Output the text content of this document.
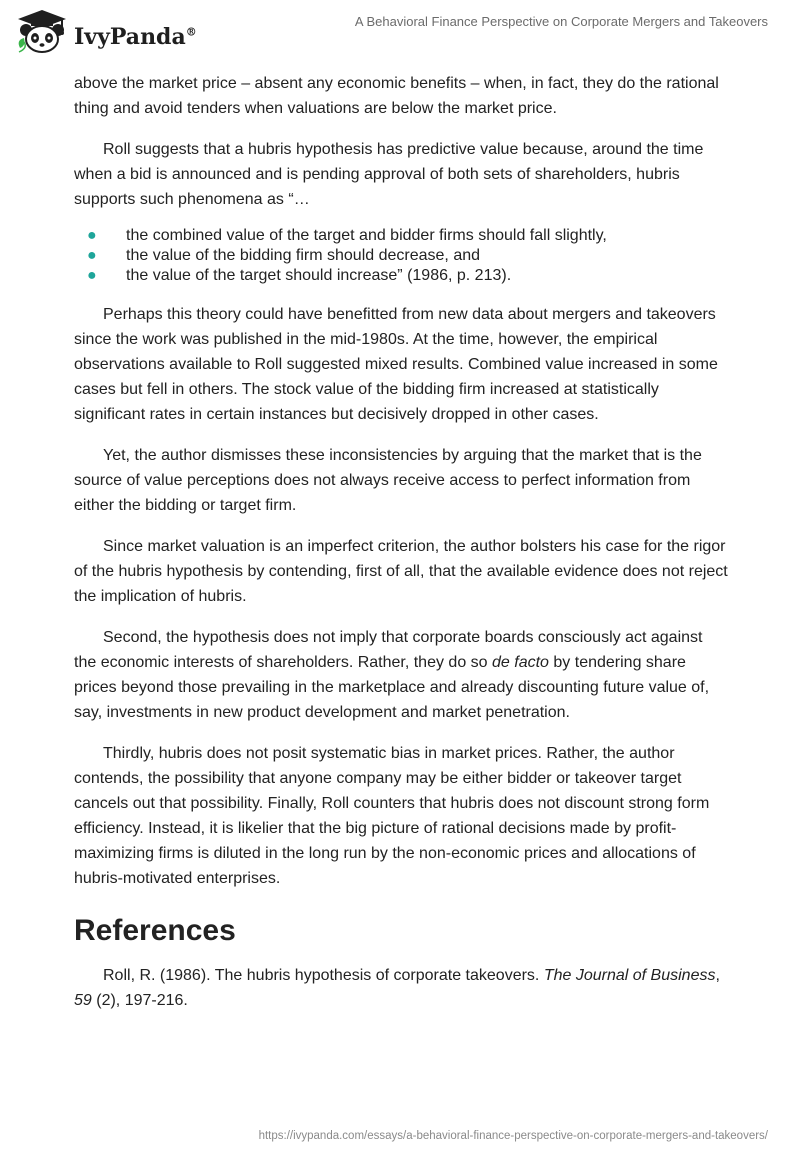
IvyPanda®
A Behavioral Finance Perspective on Corporate Mergers and Takeovers

above the market price – absent any economic benefits – when, in fact, they do the rational thing and avoid tenders when valuations are below the market price.

Roll suggests that a hubris hypothesis has predictive value because, around the time when a bid is announced and is pending approval of both sets of shareholders, hubris supports such phenomena as “…

● the combined value of the target and bidder firms should fall slightly,
● the value of the bidding firm should decrease, and
● the value of the target should increase” (1986, p. 213).

Perhaps this theory could have benefitted from new data about mergers and takeovers since the work was published in the mid-1980s. At the time, however, the empirical observations available to Roll suggested mixed results. Combined value increased in some cases but fell in others. The stock value of the bidding firm increased at statistically significant rates in certain instances but decisively dropped in other cases.

Yet, the author dismisses these inconsistencies by arguing that the market that is the source of value perceptions does not always receive access to perfect information from either the bidding or target firm.

Since market valuation is an imperfect criterion, the author bolsters his case for the rigor of the hubris hypothesis by contending, first of all, that the available evidence does not reject the implication of hubris.

Second, the hypothesis does not imply that corporate boards consciously act against the economic interests of shareholders. Rather, they do so de facto by tendering share prices beyond those prevailing in the marketplace and already discounting future value of, say, investments in new product development and market penetration.

Thirdly, hubris does not posit systematic bias in market prices. Rather, the author contends, the possibility that anyone company may be either bidder or takeover target cancels out that possibility. Finally, Roll counters that hubris does not discount strong form efficiency. Instead, it is likelier that the big picture of rational decisions made by profit-maximizing firms is diluted in the long run by the non-economic prices and allocations of hubris-motivated enterprises.

References

Roll, R. (1986). The hubris hypothesis of corporate takeovers. The Journal of Business, 59 (2), 197-216.

https://ivypanda.com/essays/a-behavioral-finance-perspective-on-corporate-mergers-and-takeovers/
